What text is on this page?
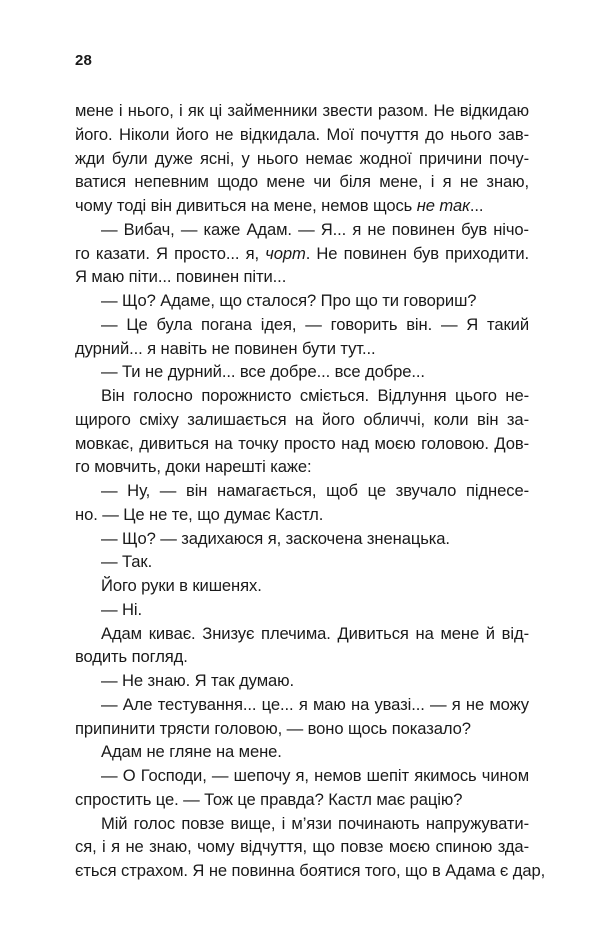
28
мене і нього, і як ці займенники звести разом. Не відкидаю
його. Ніколи його не відкидала. Мої почуття до нього зав-
жди були дуже ясні, у нього немає жодної причини почу-
ватися непевним щодо мене чи біля мене, і я не знаю,
чому тоді він дивиться на мене, немов щось не так...
— Вибач, — каже Адам. — Я... я не повинен був нічо-
го казати. Я просто... я, чорт. Не повинен був приходити.
Я маю піти... повинен піти...
— Що? Адаме, що сталося? Про що ти говориш?
— Це була погана ідея, — говорить він. — Я такий
дурний... я навіть не повинен бути тут...
— Ти не дурний... все добре... все добре...
Він голосно порожнисто сміється. Відлуння цього не-
щирого сміху залишається на його обличчі, коли він за-
мовкає, дивиться на точку просто над моєю головою. Дов-
го мовчить, доки нарешті каже:
— Ну, — він намагається, щоб це звучало піднесе-
но. — Це не те, що думає Кастл.
— Що? — задихаюся я, заскочена зненацька.
— Так.
Його руки в кишенях.
— Ні.
Адам киває. Знизує плечима. Дивиться на мене й від-
водить погляд.
— Не знаю. Я так думаю.
— Але тестування... це... я маю на увазі... — я не можу
припинити трясти головою, — воно щось показало?
Адам не гляне на мене.
— О Господи, — шепочу я, немов шепіт якимось чином
спростить це. — Тож це правда? Кастл має рацію?
Мій голос повзе вище, і м’язи починають напружувати-
ся, і я не знаю, чому відчуття, що повзе моєю спиною зда-
ється страхом. Я не повинна боятися того, що в Адама є дар,
